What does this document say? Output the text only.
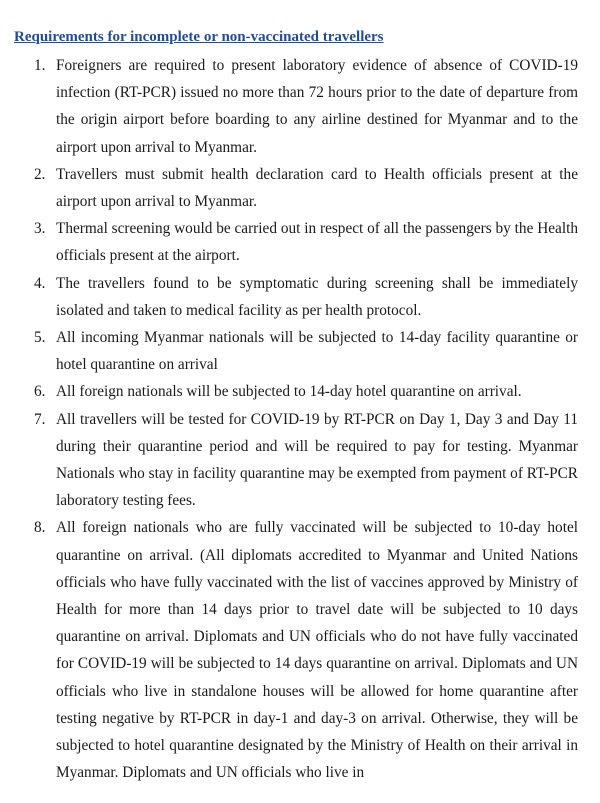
Requirements for incomplete or non-vaccinated travellers
1. Foreigners are required to present laboratory evidence of absence of COVID-19 infection (RT-PCR) issued no more than 72 hours prior to the date of departure from the origin airport before boarding to any airline destined for Myanmar and to the airport upon arrival to Myanmar.
2. Travellers must submit health declaration card to Health officials present at the airport upon arrival to Myanmar.
3. Thermal screening would be carried out in respect of all the passengers by the Health officials present at the airport.
4. The travellers found to be symptomatic during screening shall be immediately isolated and taken to medical facility as per health protocol.
5. All incoming Myanmar nationals will be subjected to 14-day facility quarantine or hotel quarantine on arrival
6. All foreign nationals will be subjected to 14-day hotel quarantine on arrival.
7. All travellers will be tested for COVID-19 by RT-PCR on Day 1, Day 3 and Day 11 during their quarantine period and will be required to pay for testing. Myanmar Nationals who stay in facility quarantine may be exempted from payment of RT-PCR laboratory testing fees.
8. All foreign nationals who are fully vaccinated will be subjected to 10-day hotel quarantine on arrival. (All diplomats accredited to Myanmar and United Nations officials who have fully vaccinated with the list of vaccines approved by Ministry of Health for more than 14 days prior to travel date will be subjected to 10 days quarantine on arrival. Diplomats and UN officials who do not have fully vaccinated for COVID-19 will be subjected to 14 days quarantine on arrival. Diplomats and UN officials who live in standalone houses will be allowed for home quarantine after testing negative by RT-PCR in day-1 and day-3 on arrival. Otherwise, they will be subjected to hotel quarantine designated by the Ministry of Health on their arrival in Myanmar. Diplomats and UN officials who live in
